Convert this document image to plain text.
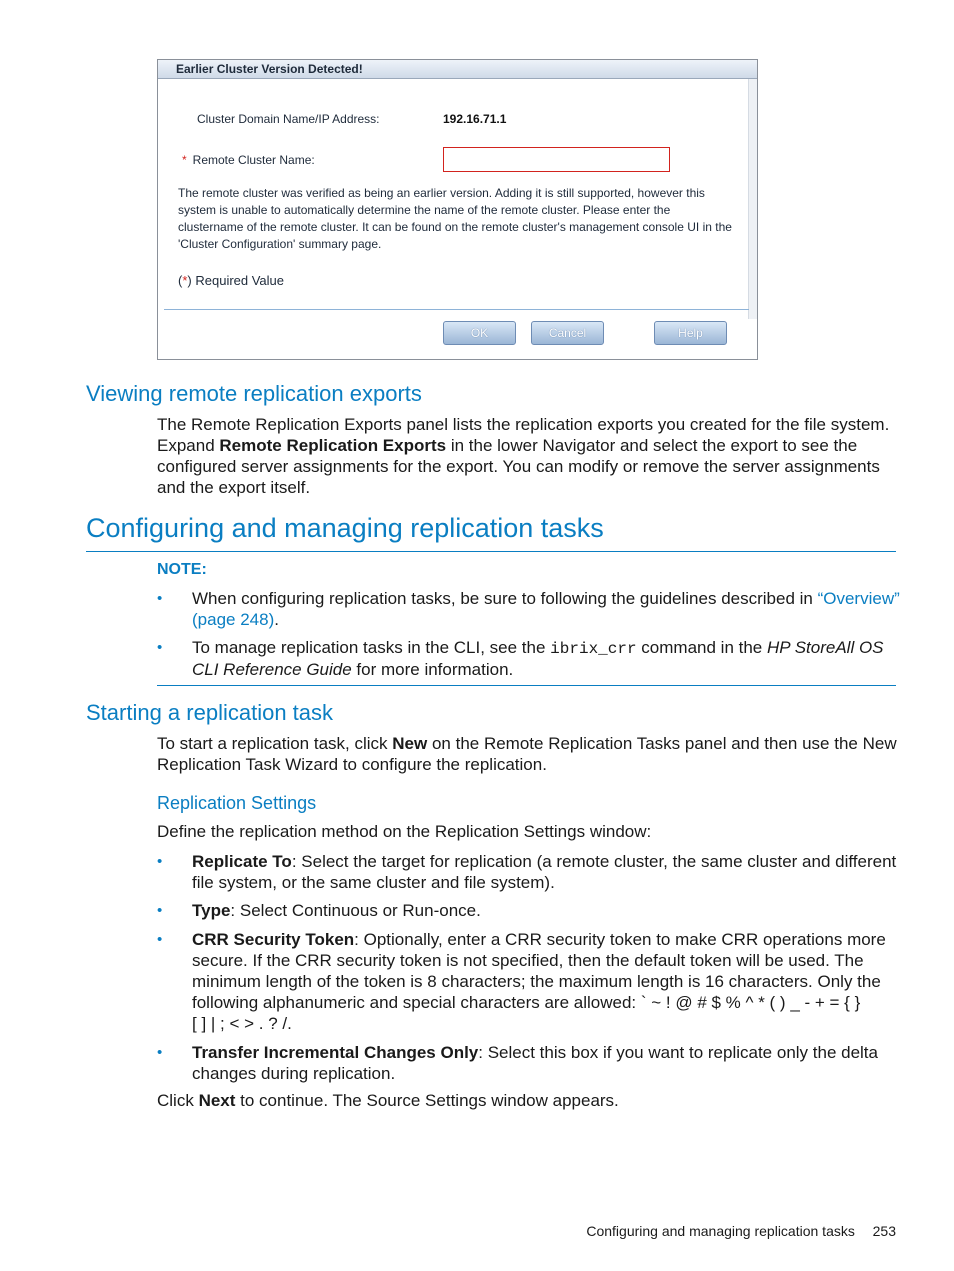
Earlier Cluster Version Detected!
Cluster Domain Name/IP Address:	192.16.71.1
* Remote Cluster Name:
The remote cluster was verified as being an earlier version. Adding it is still supported, however this system is unable to automatically determine the name of the remote cluster. Please enter the clustername of the remote cluster. It can be found on the remote cluster's management console UI in the 'Cluster Configuration' summary page.
(*) Required Value
OK	Cancel	Help
Viewing remote replication exports
The Remote Replication Exports panel lists the replication exports you created for the file system.
Expand Remote Replication Exports in the lower Navigator and select the export to see the
configured server assignments for the export. You can modify or remove the server assignments
and the export itself.
Configuring and managing replication tasks
NOTE:
• When configuring replication tasks, be sure to following the guidelines described in “Overview”
(page 248).
• To manage replication tasks in the CLI, see the ibrix_crr command in the HP StoreAll OS
CLI Reference Guide for more information.
Starting a replication task
To start a replication task, click New on the Remote Replication Tasks panel and then use the New
Replication Task Wizard to configure the replication.
Replication Settings
Define the replication method on the Replication Settings window:
• Replicate To: Select the target for replication (a remote cluster, the same cluster and different
file system, or the same cluster and file system).
• Type: Select Continuous or Run-once.
• CRR Security Token: Optionally, enter a CRR security token to make CRR operations more
secure. If the CRR security token is not specified, then the default token will be used. The
minimum length of the token is 8 characters; the maximum length is 16 characters. Only the
following alphanumeric and special characters are allowed: ` ~ ! @ # $ % ^ * ( ) _ - + = { }
[ ] | ; < > . ? /.
• Transfer Incremental Changes Only: Select this box if you want to replicate only the delta
changes during replication.
Click Next to continue. The Source Settings window appears.
Configuring and managing replication tasks 253
